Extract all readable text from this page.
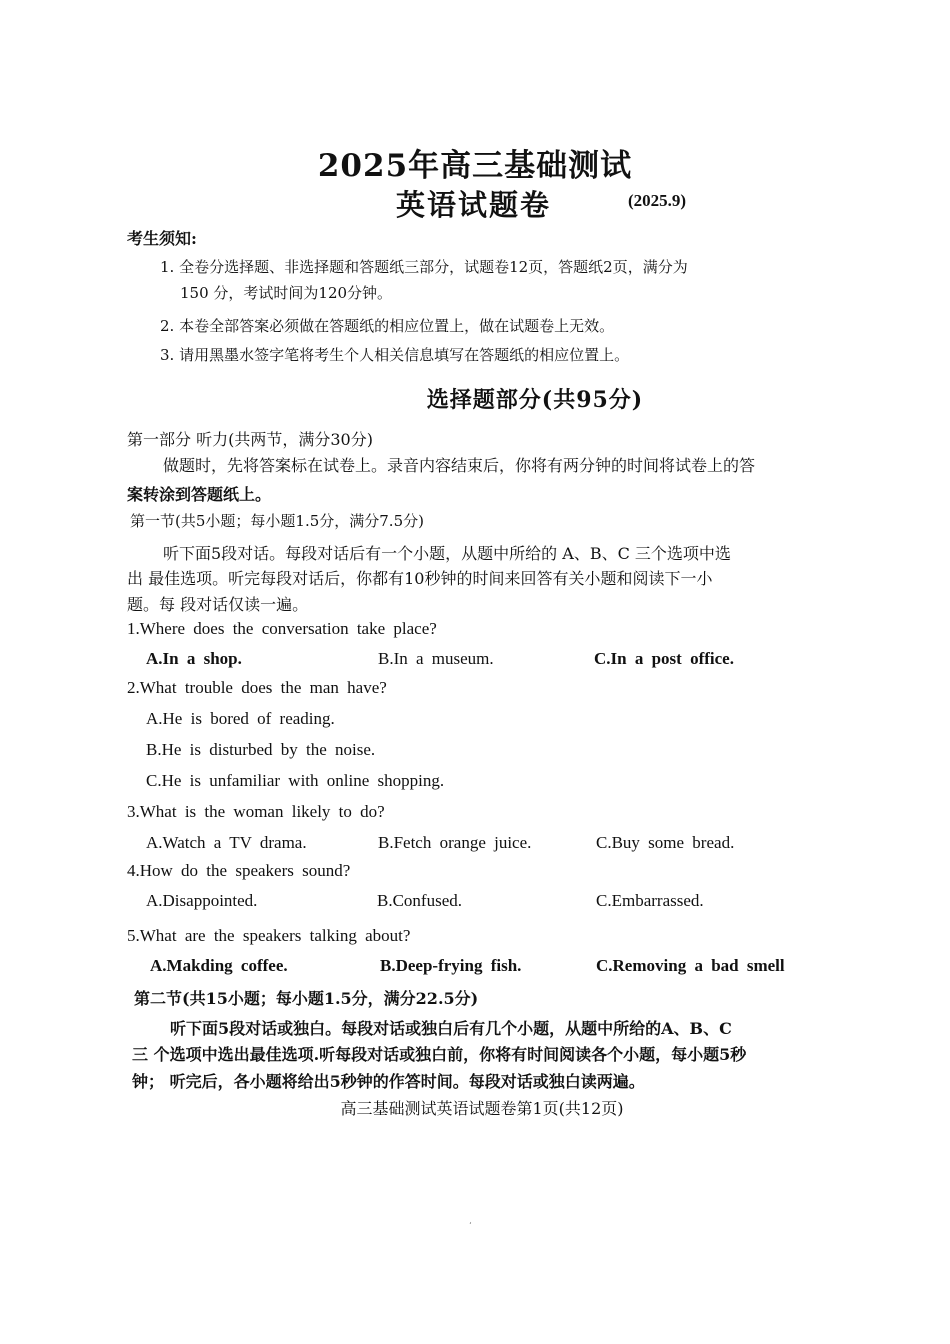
2025年高三基础测试
英语试题卷	(2025.9)
考生须知:
1. 全卷分选择题、非选择题和答题纸三部分，试题卷12页，答题纸2页，满分为
150 分，考试时间为120分钟。
2. 本卷全部答案必须做在答题纸的相应位置上，做在试题卷上无效。
3. 请用黑墨水签字笔将考生个人相关信息填写在答题纸的相应位置上。
选择题部分(共95分)
第一部分 听力(共两节，满分30分)
做题时，先将答案标在试卷上。录音内容结束后，你将有两分钟的时间将试卷上的答
案转涂到答题纸上。
第一节(共5小题；每小题1.5分，满分7.5分)
听下面5段对话。每段对话后有一个小题，从题中所给的 A、B、C 三个选项中选
出 最佳选项。听完每段对话后，你都有10秒钟的时间来回答有关小题和阅读下一小
题。每 段对话仅读一遍。
1.Where does the conversation take place?
A.In a shop.	B.In a museum.	C.In a post office.
2.What trouble does the man have?
A.He is bored of reading.
B.He is disturbed by the noise.
C.He is unfamiliar with online shopping.
3.What is the woman likely to do?
A.Watch a TV drama.	B.Fetch orange juice.	C.Buy some bread.
4.How do the speakers sound?
A.Disappointed.	B.Confused.	C.Embarrassed.
5.What are the speakers talking about?
A.Makding coffee.	B.Deep-frying fish.	C.Removing a bad smell
第二节(共15小题；每小题1.5分，满分22.5分)
听下面5段对话或独白。每段对话或独白后有几个小题，从题中所给的A、B、C
三 个选项中选出最佳选项.听每段对话或独白前，你将有时间阅读各个小题，每小题5秒
钟； 听完后，各小题将给出5秒钟的作答时间。每段对话或独白读两遍。
高三基础测试英语试题卷第1页(共12页)
‘
